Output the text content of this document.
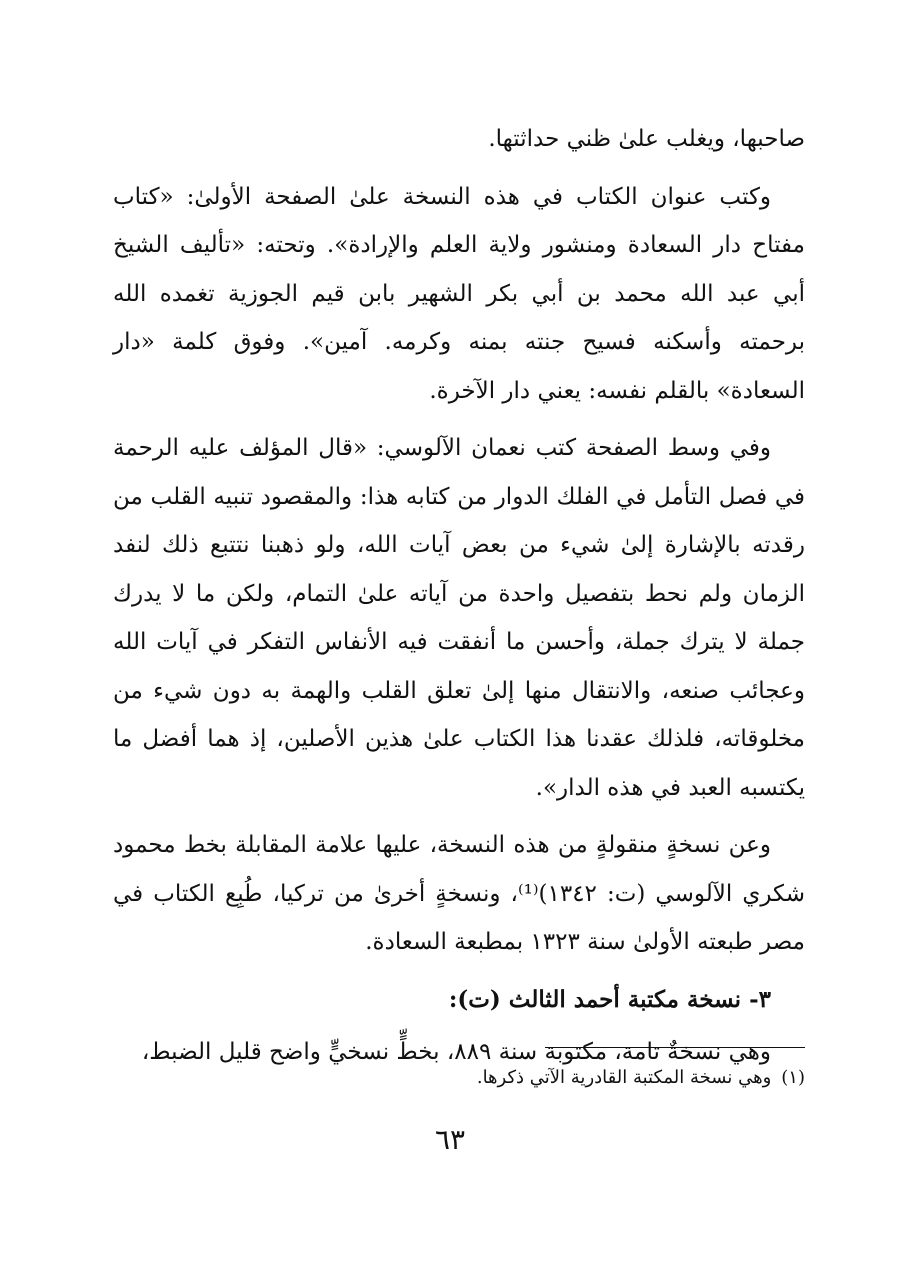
صاحبها، ويغلب علىٰ ظني حداثتها.

وكتب عنوان الكتاب في هذه النسخة علىٰ الصفحة الأولىٰ: «كتاب مفتاح دار السعادة ومنشور ولاية العلم والإرادة». وتحته: «تأليف الشيخ أبي عبد الله محمد بن أبي بكر الشهير بابن قيم الجوزية تغمده الله برحمته وأسكنه فسيح جنته بمنه وكرمه. آمين». وفوق كلمة «دار السعادة» بالقلم نفسه: يعني دار الآخرة.

وفي وسط الصفحة كتب نعمان الآلوسي: «قال المؤلف عليه الرحمة في فصل التأمل في الفلك الدوار من كتابه هذا: والمقصود تنبيه القلب من رقدته بالإشارة إلىٰ شيء من بعض آيات الله، ولو ذهبنا نتتبع ذلك لنفد الزمان ولم نحط بتفصيل واحدة من آياته علىٰ التمام، ولكن ما لا يدرك جملة لا يترك جملة، وأحسن ما أنفقت فيه الأنفاس التفكر في آيات الله وعجائب صنعه، والانتقال منها إلىٰ تعلق القلب والهمة به دون شيء من مخلوقاته، فلذلك عقدنا هذا الكتاب علىٰ هذين الأصلين، إذ هما أفضل ما يكتسبه العبد في هذه الدار».

وعن نسخةٍ منقولةٍ من هذه النسخة، عليها علامة المقابلة بخط محمود شكري الآلوسي (ت: ١٣٤٢)⁽¹⁾، ونسخةٍ أخرىٰ من تركيا، طُبِع الكتاب في مصر طبعته الأولىٰ سنة ١٣٢٣ بمطبعة السعادة.

٣- نسخة مكتبة أحمد الثالث (ت):

وهي نسخةٌ تامة، مكتوبة سنة ٨٨٩، بخطٍّ نسخيٍّ واضح قليل الضبط،

(١)وهي نسخة المكتبة القادرية الآتي ذكرها.
٦٣
